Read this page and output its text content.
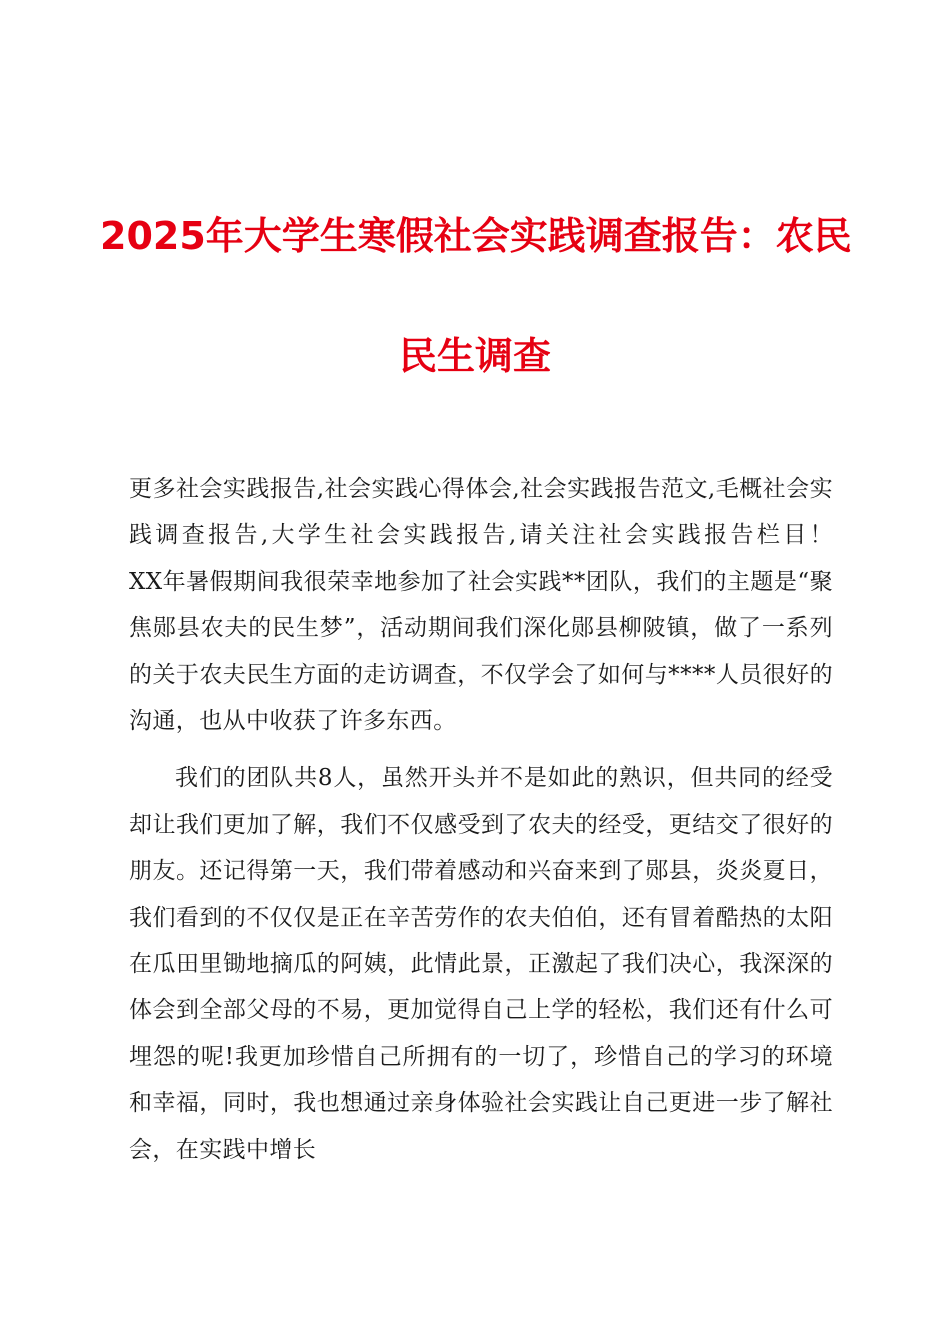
2025年大学生寒假社会实践调查报告：农民
民生调查

更多社会实践报告,社会实践心得体会,社会实践报告范文,毛概社会实践调查报告,大学生社会实践报告,请关注社会实践报告栏目！　　XX年暑假期间我很荣幸地参加了社会实践**团队，我们的主题是“聚焦郧县农夫的民生梦”，活动期间我们深化郧县柳陂镇，做了一系列的关于农夫民生方面的走访调查，不仅学会了如何与****人员很好的沟通，也从中收获了许多东西。

我们的团队共8人，虽然开头并不是如此的熟识，但共同的经受却让我们更加了解，我们不仅感受到了农夫的经受，更结交了很好的朋友。还记得第一天，我们带着感动和兴奋来到了郧县，炎炎夏日，我们看到的不仅仅是正在辛苦劳作的农夫伯伯，还有冒着酷热的太阳在瓜田里锄地摘瓜的阿姨，此情此景，正激起了我们决心，我深深的体会到全部父母的不易，更加觉得自己上学的轻松，我们还有什么可埋怨的呢!我更加珍惜自己所拥有的一切了，珍惜自己的学习的环境和幸福，同时，我也想通过亲身体验社会实践让自己更进一步了解社会，在实践中增长
